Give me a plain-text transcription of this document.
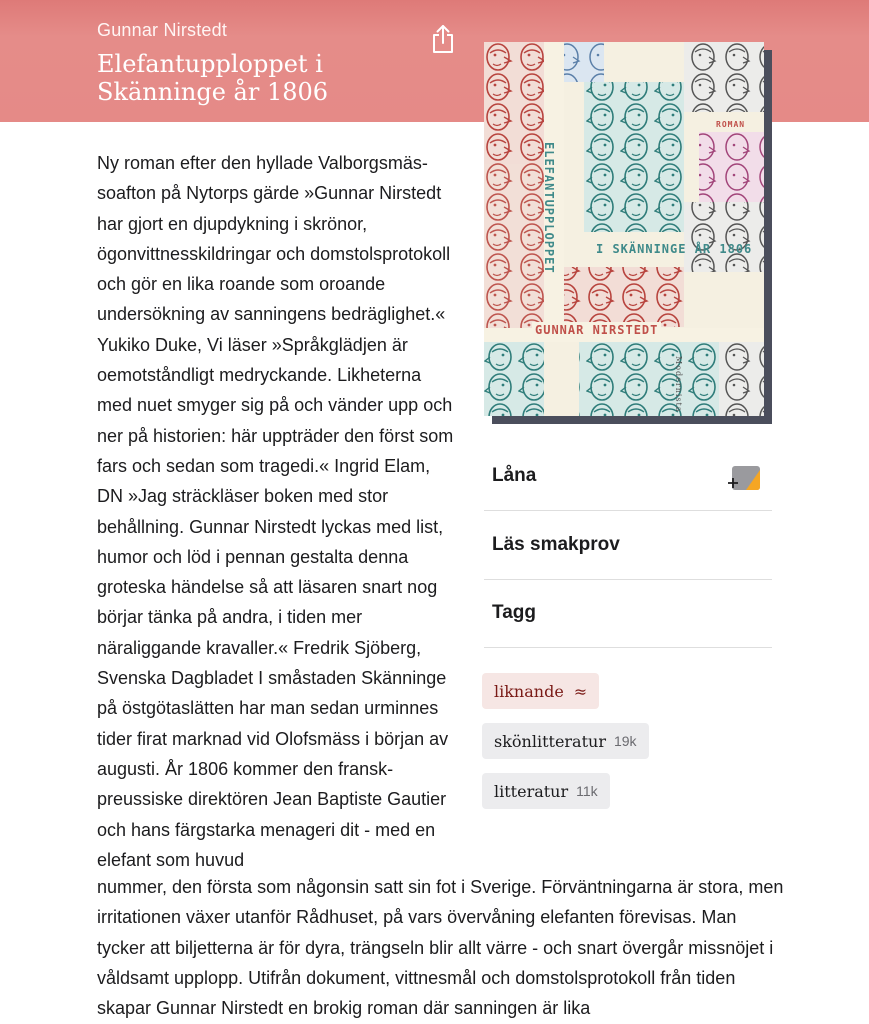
Gunnar Nirstedt
Elefantupploppet i Skänninge år 1806
ELEFANTUPPLOPPET	I SKÄNNINGE ÅR 1806
GUNNAR NIRSTEDT
ROMAN
Modernista
Ny roman efter den hyllade Valborgsmässoafton på Nytorps gärde »Gunnar Nirstedt har gjort en djupdykning i skrönor, ögonvittnesskildringar och domstolsprotokoll och gör en lika roande som oroande undersökning av sanningens bedräglighet.« Yukiko Duke, Vi läser »Språkglädjen är oemotståndligt medryckande. Likheterna med nuet smyger sig på och vänder upp och ner på historien: här uppträder den först som fars och sedan som tragedi.« Ingrid Elam, DN »Jag sträckläser boken med stor behållning. Gunnar Nirstedt lyckas med list, humor och löd i pennan gestalta denna groteska händelse så att läsaren snart nog börjar tänka på andra, i tiden mer näraliggande kravaller.« Fredrik Sjöberg, Svenska Dagbladet I småstaden Skänninge på östgötaslätten har man sedan urminnes tider firat marknad vid Olofsmäss i början av augusti. År 1806 kommer den fransk-preussiske direktören Jean Baptiste Gautier och hans färgstarka menageri dit - med en elefant som huvud
nummer, den första som någonsin satt sin fot i Sverige. Förväntningarna är stora, men irritationen växer utanför Rådhuset, på vars övervåning elefanten förevisas. Man tycker att biljetterna är för dyra, trängseln blir allt värre - och snart övergår missnöjet i våldsamt upplopp. Utifrån dokument, vittnesmål och domstolsprotokoll från tiden skapar Gunnar Nirstedt en brokig roman där sanningen är lika
Låna
Läs smakprov
Tagg
liknande ≈
skönlitteratur 19k
litteratur 11k
